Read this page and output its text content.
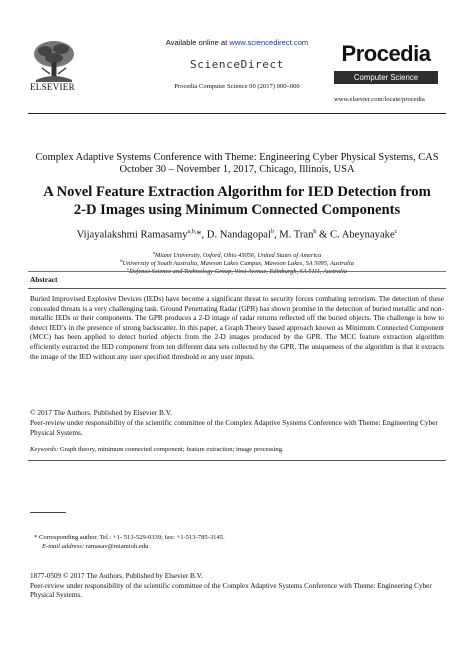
ELSEVIER
Available online at www.sciencedirect.com
ScienceDirect
Procedia Computer Science 00 (2017) 000–000
Procedia
Computer Science
www.elsevier.com/locate/procedia
Complex Adaptive Systems Conference with Theme: Engineering Cyber Physical Systems, CAS
October 30 – November 1, 2017, Chicago, Illinois, USA
A Novel Feature Extraction Algorithm for IED Detection from
2-D Images using Minimum Connected Components
Vijayalakshmi Ramasamy$^{a,b,}$*, D. Nandagopal$^b$, M. Tran$^b$ & C. Abeynayake$^c$
$^a$Miami University, Oxford, Ohio 45056, United States of America
$^b$University of South Australia, Mawson Lakes Campus, Mawson Lakes, SA 5095, Australia
$^c$Defence Science and Technology Group, West Avenue, Edinburgh, SA 5111, Australia
Abstract
Buried Improvised Explosive Devices (IEDs) have become a significant threat to security forces combating terrorism. The detection of these concealed threats is a very challenging task. Ground Penetrating Radar (GPR) has shown promise in the detection of buried metallic and non-metallic IEDs or their components. The GPR produces a 2-D image of radar returns reflected off the buried objects. The challenge is how to detect IED’s in the presence of strong backscatter. In this paper, a Graph Theory based approach known as Minimum Connected Component (MCC) has been applied to detect buried objects from the 2-D images produced by the GPR. The MCC feature extraction algorithm efficiently extracted the IED component from ten different data sets collected by the GPR. The uniqueness of the algorithm is that it extracts the image of the IED without any user specified threshold or any user inputs.
© 2017 The Authors. Published by Elsevier B.V.
Peer-review under responsibility of the scientific committee of the Complex Adaptive Systems Conference with Theme: Engineering Cyber Physical Systems.
Keywords: Graph theory, minimum connected component; feature extraction; image processing.
* Corresponding author. Tel.: +1- 513-529-0339; fax: +1-513-785-3145.
E-mail address: ramasav@miamioh.edu
1877-0509 © 2017 The Authors. Published by Elsevier B.V.
Peer-review under responsibility of the scientific committee of the Complex Adaptive Systems Conference with Theme: Engineering Cyber Physical Systems.
